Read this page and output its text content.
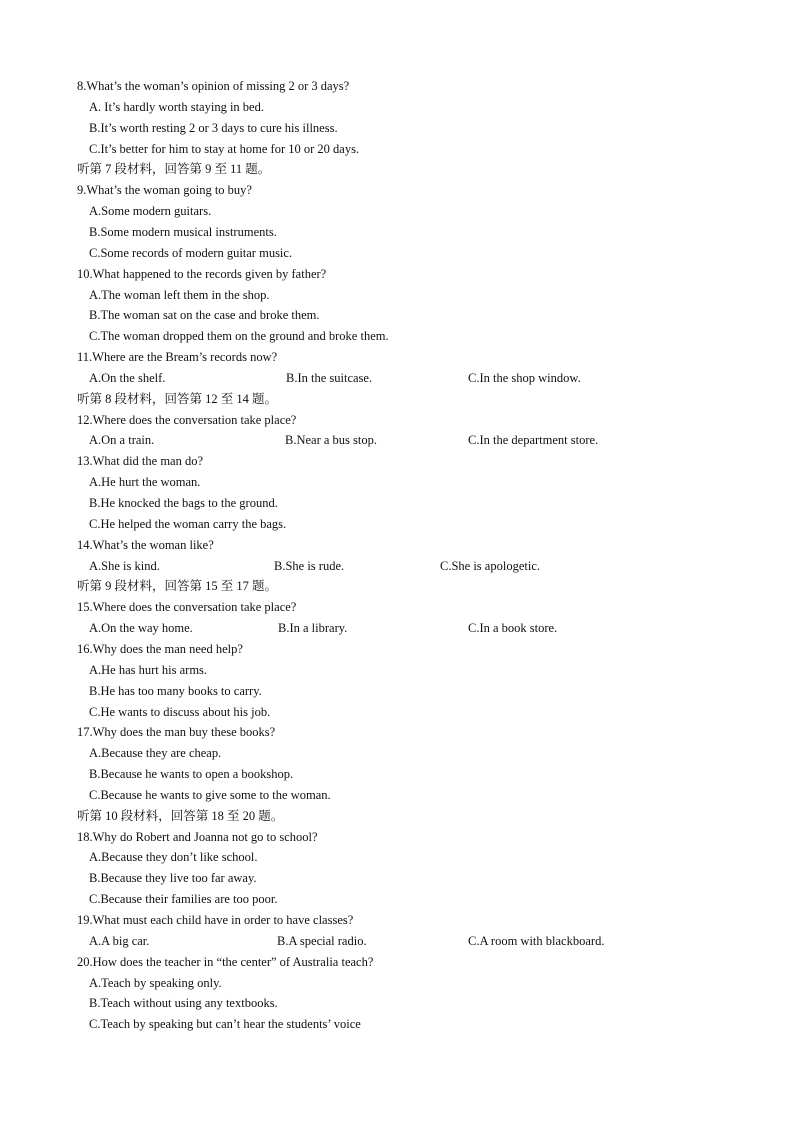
8.What’s the woman’s opinion of missing 2 or 3 days?
A. It’s hardly worth staying in bed.
B.It’s worth resting 2 or 3 days to cure his illness.
C.It’s better for him to stay at home for 10 or 20 days.
听第 7 段材料，回答第 9 至 11 题。
9.What’s the woman going to buy?
A.Some modern guitars.
B.Some modern musical instruments.
C.Some records of modern guitar music.
10.What happened to the records given by father?
A.The woman left them in the shop.
B.The woman sat on the case and broke them.
C.The woman dropped them on the ground and broke them.
11.Where are the Bream’s records now?
A.On the shelf.	B.In the suitcase.	C.In the shop window.
听第 8 段材料，回答第 12 至 14 题。
12.Where does the conversation take place?
A.On a train.	B.Near a bus stop.	C.In the department store.
13.What did the man do?
A.He hurt the woman.
B.He knocked the bags to the ground.
C.He helped the woman carry the bags.
14.What’s the woman like?
A.She is kind.	B.She is rude.	C.She is apologetic.
听第 9 段材料，回答第 15 至 17 题。
15.Where does the conversation take place?
A.On the way home.	B.In a library.	C.In a book store.
16.Why does the man need help?
A.He has hurt his arms.
B.He has too many books to carry.
C.He wants to discuss about his job.
17.Why does the man buy these books?
A.Because they are cheap.
B.Because he wants to open a bookshop.
C.Because he wants to give some to the woman.
听第 10 段材料，回答第 18 至 20 题。
18.Why do Robert and Joanna not go to school?
A.Because they don’t like school.
B.Because they live too far away.
C.Because their families are too poor.
19.What must each child have in order to have classes?
A.A big car.	B.A special radio.	C.A room with blackboard.
20.How does the teacher in “the center” of Australia teach?
A.Teach by speaking only.
B.Teach without using any textbooks.
C.Teach by speaking but can’t hear the students’ voice
